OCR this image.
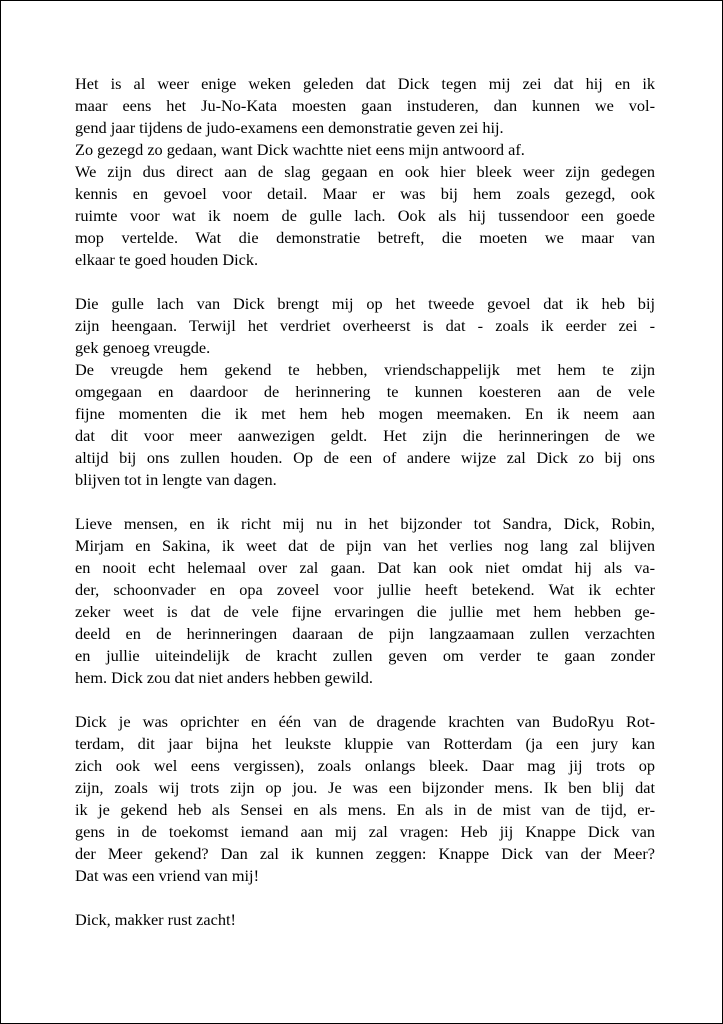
Het is al weer enige weken geleden dat Dick tegen mij zei dat hij en ik
maar eens het Ju-No-Kata moesten gaan instuderen, dan kunnen we vol-
gend jaar tijdens de judo-examens een demonstratie geven zei hij.
Zo gezegd zo gedaan, want Dick wachtte niet eens mijn antwoord af.
We zijn dus direct aan de slag gegaan en ook hier bleek weer zijn gedegen
kennis en gevoel voor detail. Maar er was bij hem zoals gezegd, ook
ruimte voor wat ik noem de gulle lach. Ook als hij tussendoor een goede
mop vertelde. Wat die demonstratie betreft, die moeten we maar van
elkaar te goed houden Dick.
Die gulle lach van Dick brengt mij op het tweede gevoel dat ik heb bij
zijn heengaan. Terwijl het verdriet overheerst is dat - zoals ik eerder zei -
gek genoeg vreugde.
De vreugde hem gekend te hebben, vriendschappelijk met hem te zijn
omgegaan en daardoor de herinnering te kunnen koesteren aan de vele
fijne momenten die ik met hem heb mogen meemaken. En ik neem aan
dat dit voor meer aanwezigen geldt. Het zijn die herinneringen de we
altijd bij ons zullen houden. Op de een of andere wijze zal Dick zo bij ons
blijven tot in lengte van dagen.
Lieve mensen, en ik richt mij nu in het bijzonder tot Sandra, Dick, Robin,
Mirjam en Sakina, ik weet dat de pijn van het verlies nog lang zal blijven
en nooit echt helemaal over zal gaan. Dat kan ook niet omdat hij als va-
der, schoonvader en opa zoveel voor jullie heeft betekend. Wat ik echter
zeker weet is dat de vele fijne ervaringen die jullie met hem hebben ge-
deeld en de herinneringen daaraan de pijn langzaamaan zullen verzachten
en jullie uiteindelijk de kracht zullen geven om verder te gaan zonder
hem. Dick zou dat niet anders hebben gewild.
Dick je was oprichter en één van de dragende krachten van BudoRyu Rot-
terdam, dit jaar bijna het leukste kluppie van Rotterdam (ja een jury kan
zich ook wel eens vergissen), zoals onlangs bleek. Daar mag jij trots op
zijn, zoals wij trots zijn op jou. Je was een bijzonder mens. Ik ben blij dat
ik je gekend heb als Sensei en als mens. En als in de mist van de tijd, er-
gens in de toekomst iemand aan mij zal vragen: Heb jij Knappe Dick van
der Meer gekend? Dan zal ik kunnen zeggen: Knappe Dick van der Meer?
Dat was een vriend van mij!
Dick, makker rust zacht!
